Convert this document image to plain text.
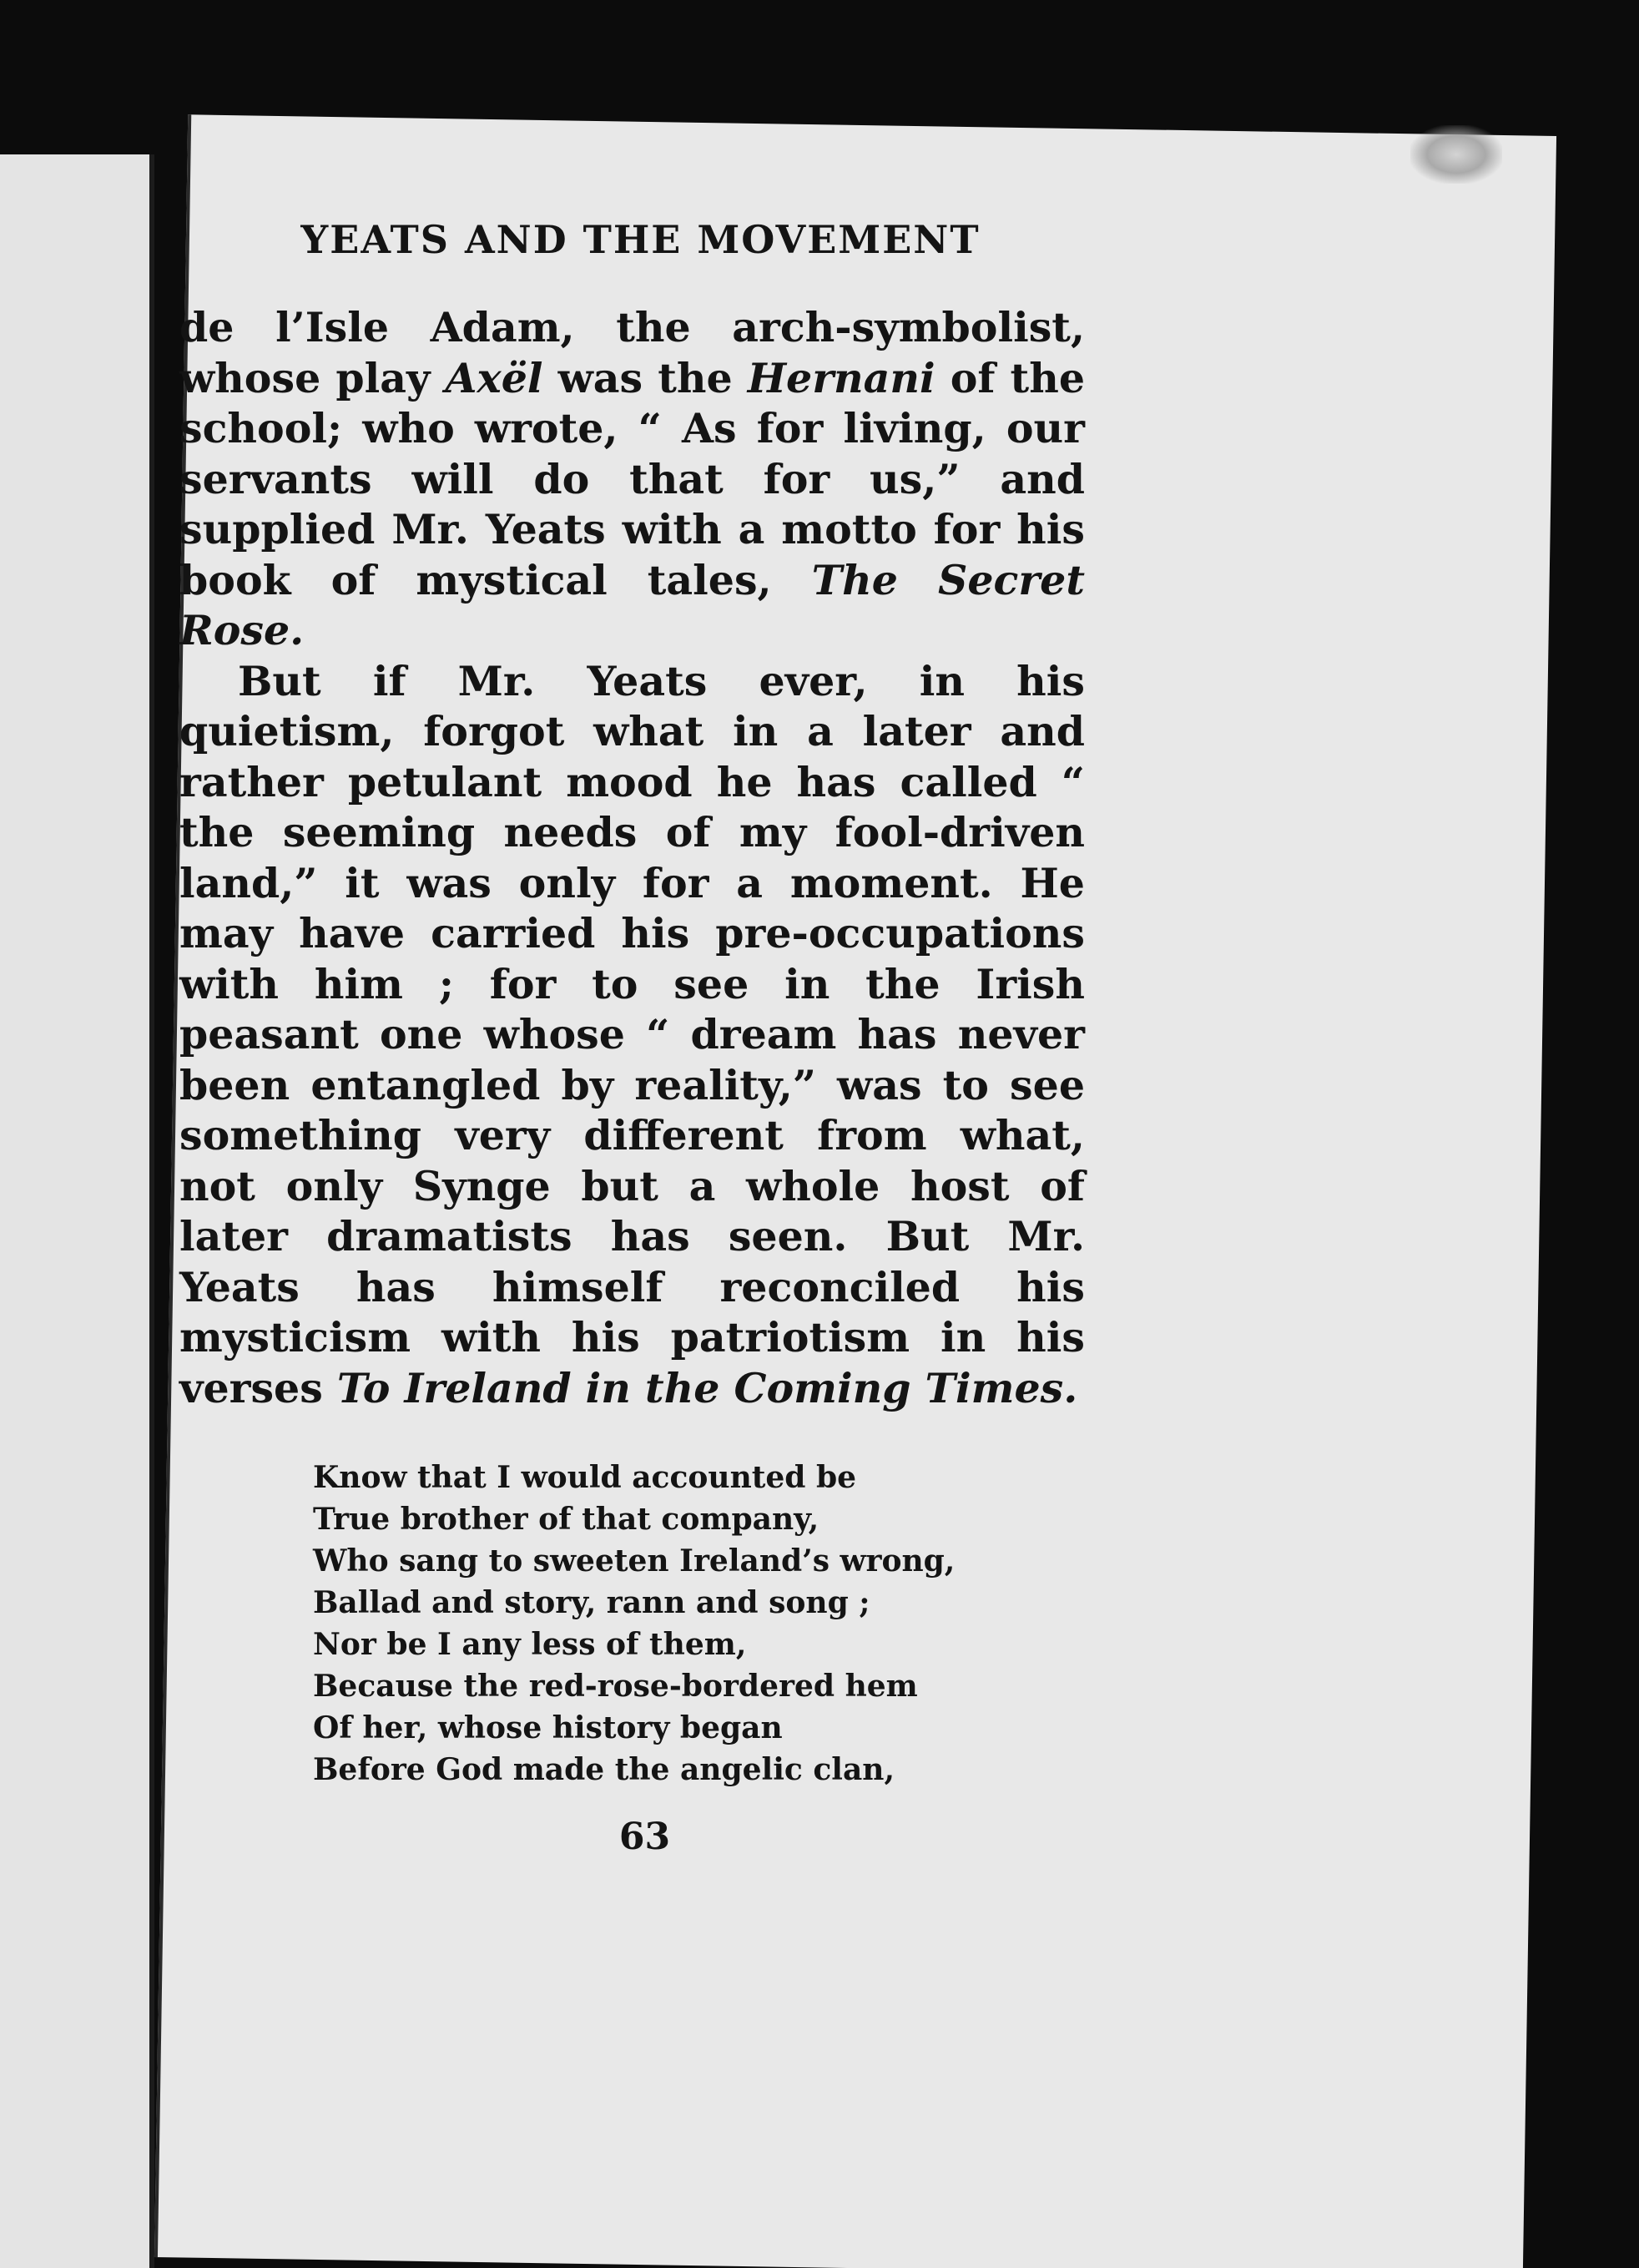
YEATS AND THE MOVEMENT

de l’Isle Adam, the arch-symbolist, whose play Axël was the Hernani of the school; who wrote, “ As for living, our servants will do that for us,” and supplied Mr. Yeats with a motto for his book of mystical tales, The Secret Rose.

But if Mr. Yeats ever, in his quietism, forgot what in a later and rather petulant mood he has called “ the seeming needs of my fool-driven land,” it was only for a moment. He may have carried his pre-occupations with him ; for to see in the Irish peasant one whose “ dream has never been entangled by reality,” was to see something very different from what, not only Synge but a whole host of later dramatists has seen. But Mr. Yeats has himself reconciled his mysticism with his patriotism in his verses To Ireland in the Coming Times.

Know that I would accounted be
True brother of that company,
Who sang to sweeten Ireland’s wrong,
Ballad and story, rann and song ;
Nor be I any less of them,
Because the red-rose-bordered hem
Of her, whose history began
Before God made the angelic clan,
63
